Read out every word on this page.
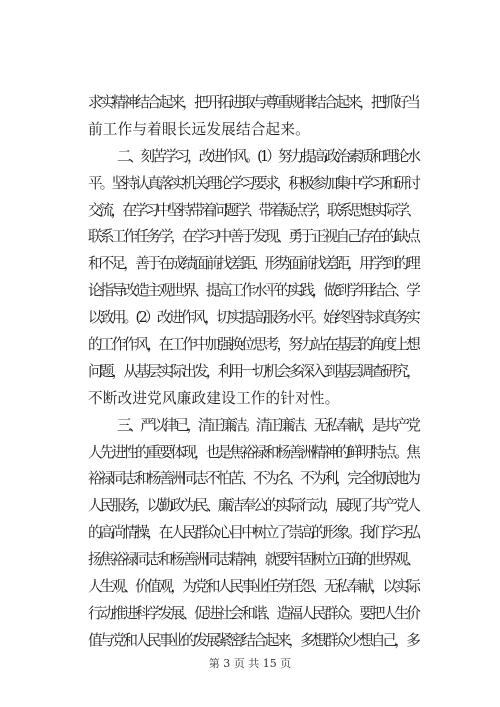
求实精神结合起来，把开拓进取与尊重规律结合起来，把抓好当
前工作与着眼长远发展结合起来。
二、刻苦学习，改进作风。(1）努力提高政治素质和理论水
平。坚持认真落实机关理论学习要求，积极参加集中学习和研讨
交流，在学习中坚持带着问题学、带着疑点学，联系思想实际学、
联系工作任务学，在学习中善于发现、勇于正视自己存在的缺点
和不足，善于在成绩面前找差距、形势面前找差距，用学到的理
论指导改造主观世界、提高工作水平的实践，做到学用结合、学
以致用。(2）改进作风，切实提高服务水平。始终坚持求真务实
的工作作风，在工作中加强换位思考，努力站在基层的角度上想
问题，从基层实际出发，利用一切机会多深入到基层调查研究，
不断改进党风廉政建设工作的针对性。
三、严以律已，清正廉洁。清正廉洁、无私奉献，是共产党
人先进性的重要体现，也是焦裕禄和杨善洲精神的鲜明特点。焦
裕禄同志和杨善洲同志不怕苦、不为名、不为利，完全彻底地为
人民服务，以勤政为民、廉洁奉公的实际行动，展现了共产党人
的高尚情操，在人民群众心目中树立了崇高的形象。我们学习弘
扬焦裕禄同志和杨善洲同志精神，就要牢固树立正确的世界观、
人生观、价值观，为党和人民事业任劳任怨、无私奉献，以实际
行动推进科学发展、促进社会和谐、造福人民群众。要把人生价
值与党和人民事业的发展紧密结合起来，多想群众少想自己，多
第 3 页 共 15 页
